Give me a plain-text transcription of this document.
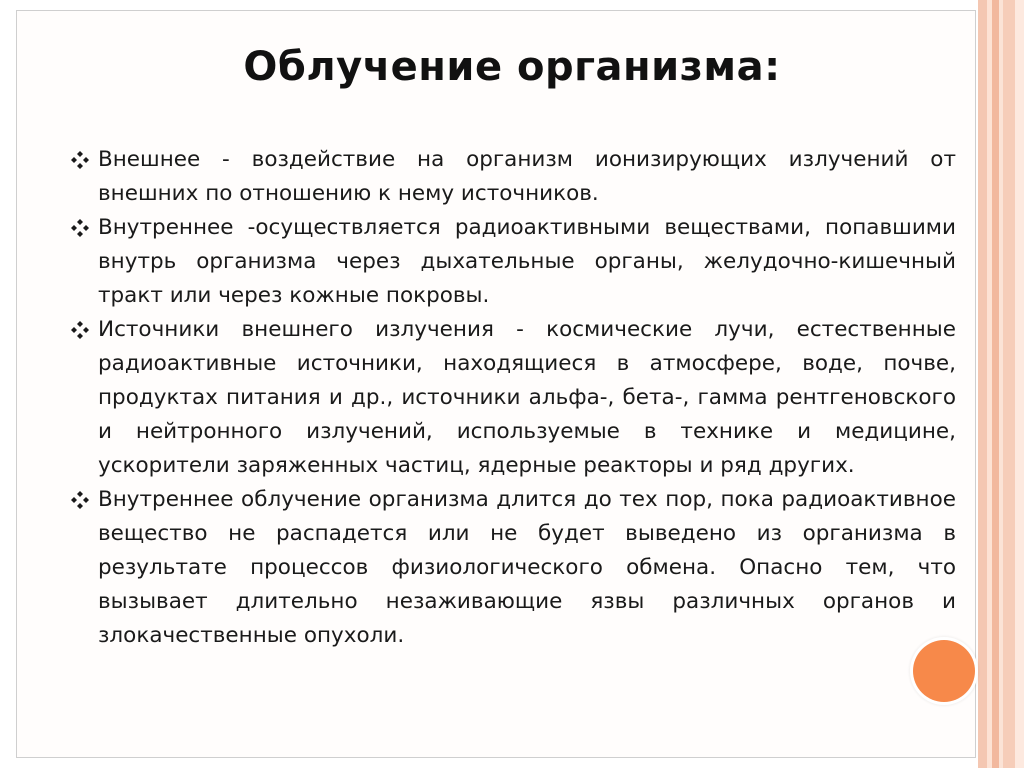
Облучение организма:

Внешнее - воздействие на организм ионизирующих излучений от внешних по отношению к нему источников.

Внутреннее -осуществляется радиоактивными веществами, попавшими внутрь организма через дыхательные органы, желудочно-кишечный тракт или через кожные покровы.

Источники внешнего излучения - космические лучи, естественные радиоактивные источники, находящиеся в атмосфере, воде, почве, продуктах питания и др., источники альфа-, бета-, гамма рентгеновского и нейтронного излучений, используемые в технике и медицине, ускорители заряженных частиц, ядерные реакторы и ряд других.

Внутреннее облучение организма длится до тех пор, пока радиоактивное вещество не распадется или не будет выведено из организма в результате процессов физиологического обмена. Опасно тем, что вызывает длительно незаживающие язвы различных органов и злокачественные опухоли.
